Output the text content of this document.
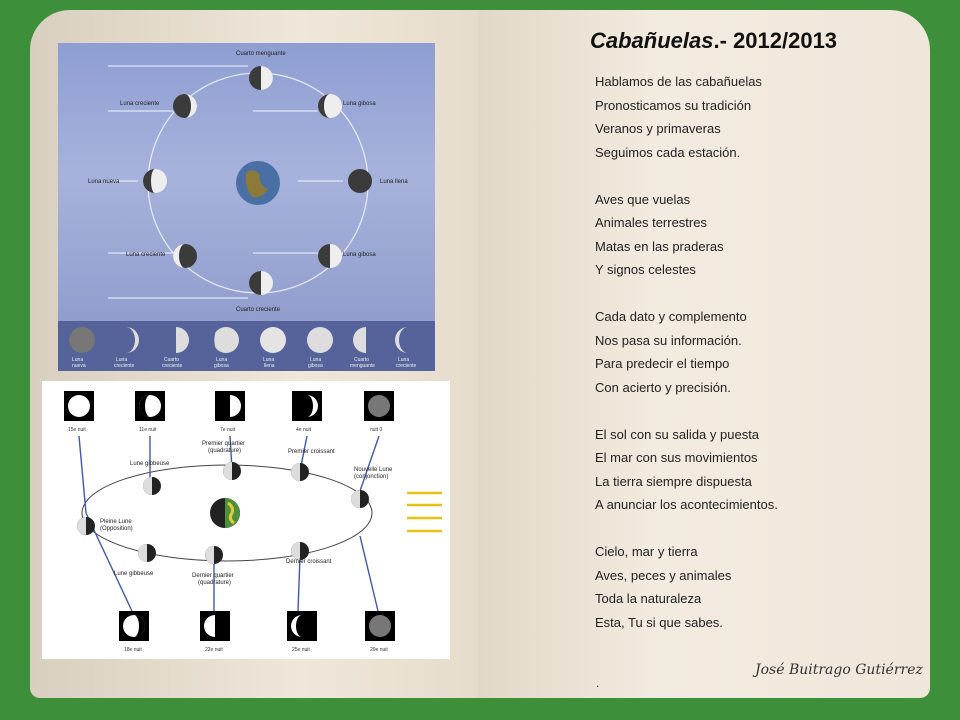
Luna creciente	Luna gibosa
Luna nueva	Luna llena
Luna creciente	Luna gibosa
Cuarto menguante
Cuarto creciente
Luna
nueva
Luna
creciente
Cuarto
creciente
Luna
gibosa
Luna
llena
Luna
gibosa
Cuarto
menguante
Luna
creciente
15e nuit	11e nuit	7e nuit	4e nuit	nuit 0
Lune gibbeuse
Premier quartier
(quadrature)	Premier croissant
Nouvelle Lune
(conjonction)
Pleine Lune
(Opposition)
Lune gibbeuse	Dernier quartier
(quadrature)
Dernier croissant
18e nuit	22e nuit	25e nuit	29e nuit
Cabañuelas.- 2012/2013
Hablamos de las cabañuelas
Pronosticamos su tradición
Veranos y primaveras
Seguimos cada estación.
Aves que vuelas
Animales terrestres
Matas en las praderas
Y signos celestes
Cada dato y complemento
Nos pasa su información.
Para predecir el tiempo
Con acierto y precisión.
El sol con su salida y puesta
El mar con sus movimientos
La tierra siempre dispuesta
A anunciar los acontecimientos.
Cielo, mar y tierra
Aves, peces y animales
Toda la naturaleza
Esta, Tu si que sabes.
José Buitrago Gutiérrez
.
